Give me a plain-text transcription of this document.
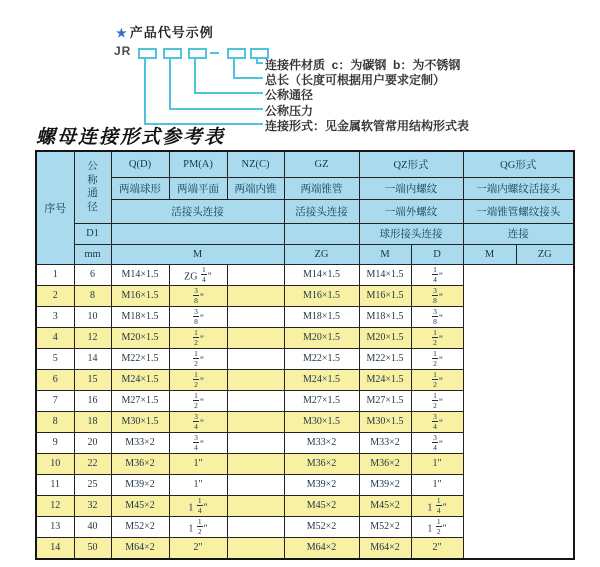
★ 产品代号示例
JR
连接件材质  c：为碳钢  b：为不锈钢
总长（长度可根据用户要求定制）
公称通径
公称压力
连接形式：见金属软管常用结构形式表
螺母连接形式参考表
序号	公称通径	Q(D)	PM(A)	NZ(C)	GZ	QZ形式		QG形式	
		两端球形	两端平面	两端内锥	两端锥管	一端内螺纹		一端内螺纹活接头	
		活接头连接			活接头连接	一端外螺纹		一端锥管螺纹接头	
	D1					球形接头连接		连接	
	mm	M			ZG	M	D	M	ZG
1	6	M14×1.5	ZG $\frac{1}{4}$ "		M14×1.5	M14×1.5	$\frac{1}{4}$ "		
2	8	M16×1.5	$\frac{3}{8}$ "		M16×1.5	M16×1.5	$\frac{3}{8}$ "		
3	10	M18×1.5	$\frac{3}{8}$ "		M18×1.5	M18×1.5	$\frac{3}{8}$ "		
4	12	M20×1.5	$\frac{1}{2}$ "		M20×1.5	M20×1.5	$\frac{1}{2}$ "		
5	14	M22×1.5	$\frac{1}{2}$ "		M22×1.5	M22×1.5	$\frac{1}{2}$ "		
6	15	M24×1.5	$\frac{1}{2}$ "		M24×1.5	M24×1.5	$\frac{1}{2}$ "		
7	16	M27×1.5	$\frac{1}{2}$ "		M27×1.5	M27×1.5	$\frac{1}{2}$ "		
8	18	M30×1.5	$\frac{3}{4}$ "		M30×1.5	M30×1.5	$\frac{3}{4}$ "		
9	20	M33×2	$\frac{3}{4}$ "		M33×2	M33×2	$\frac{3}{4}$ "		
10	22	M36×2	1"		M36×2	M36×2	1"		
11	25	M39×2	1"		M39×2	M39×2	1"		
12	32	M45×2	$1 \frac{1}{4}$ "		M45×2	M45×2	$1 \frac{1}{4}$ "		
13	40	M52×2	$1 \frac{1}{2}$ "		M52×2	M52×2	$1 \frac{1}{2}$ "		
14	50	M64×2	2"		M64×2	M64×2	2"		
